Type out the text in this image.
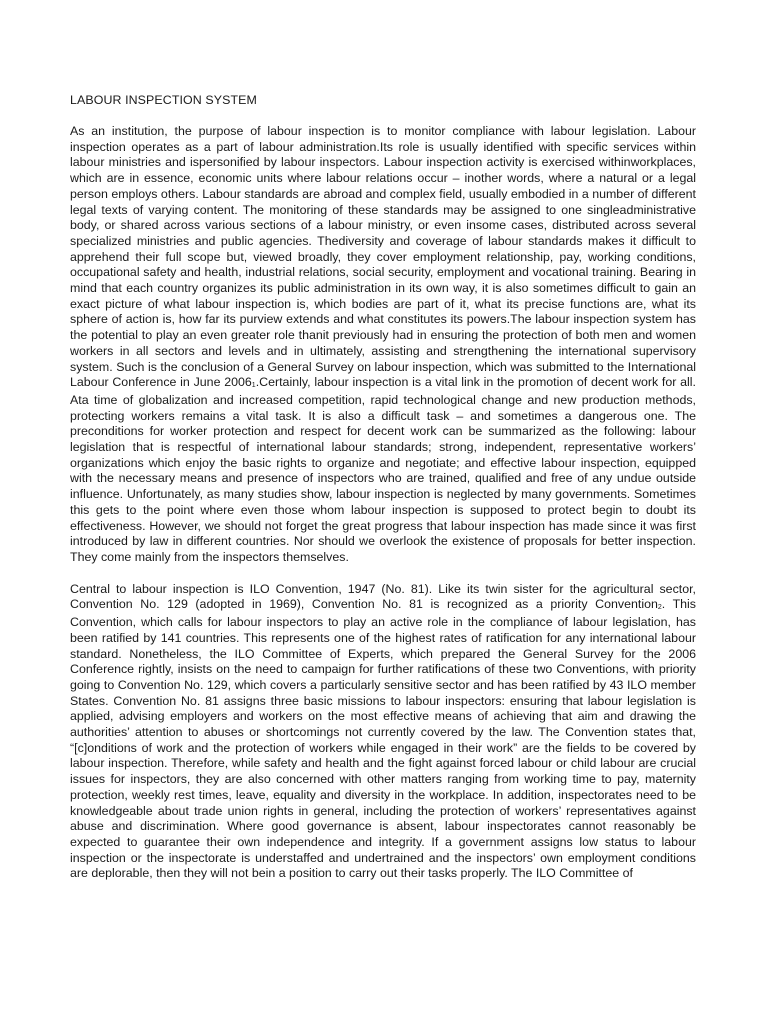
LABOUR INSPECTION SYSTEM

As an institution, the purpose of labour inspection is to monitor compliance with labour legislation. Labour inspection operates as a part of labour administration.Its role is usually identified with specific services within labour ministries and ispersonified by labour inspectors. Labour inspection activity is exercised withinworkplaces, which are in essence, economic units where labour relations occur – inother words, where a natural or a legal person employs others. Labour standards are abroad and complex field, usually embodied in a number of different legal texts of varying content. The monitoring of these standards may be assigned to one singleadministrative body, or shared across various sections of a labour ministry, or even insome cases, distributed across several specialized ministries and public agencies. Thediversity and coverage of labour standards makes it difficult to apprehend their full scope but, viewed broadly, they cover employment relationship, pay, working conditions, occupational safety and health, industrial relations, social security, employment and vocational training. Bearing in mind that each country organizes its public administration in its own way, it is also sometimes difficult to gain an exact picture of what labour inspection is, which bodies are part of it, what its precise functions are, what its sphere of action is, how far its purview extends and what constitutes its powers.The labour inspection system has the potential to play an even greater role thanit previously had in ensuring the protection of both men and women workers in all sectors and levels and in ultimately, assisting and strengthening the international supervisory system. Such is the conclusion of a General Survey on labour inspection, which was submitted to the International Labour Conference in June $2006_1.Certainly$, labour inspection is a vital link in the promotion of decent work for all. Ata time of globalization and increased competition, rapid technological change and new production methods, protecting workers remains a vital task. It is also a difficult task – and sometimes a dangerous one. The preconditions for worker protection and respect for decent work can be summarized as the following: labour legislation that is respectful of international labour standards; strong, independent, representative workers’ organizations which enjoy the basic rights to organize and negotiate; and effective labour inspection, equipped with the necessary means and presence of inspectors who are trained, qualified and free of any undue outside influence. Unfortunately, as many studies show, labour inspection is neglected by many governments. Sometimes this gets to the point where even those whom labour inspection is supposed to protect begin to doubt its effectiveness. However, we should not forget the great progress that labour inspection has made since it was first introduced by law in different countries. Nor should we overlook the existence of proposals for better inspection. They come mainly from the inspectors themselves.

Central to labour inspection is ILO Convention, 1947 (No. 81). Like its twin sister for the agricultural sector, Convention No. 129 (adopted in 1969), Convention No. 81 is recognized as a priority Convention$_2$. This Convention, which calls for labour inspectors to play an active role in the compliance of labour legislation, has been ratified by 141 countries. This represents one of the highest rates of ratification for any international labour standard. Nonetheless, the ILO Committee of Experts, which prepared the General Survey for the 2006 Conference rightly, insists on the need to campaign for further ratifications of these two Conventions, with priority going to Convention No. 129, which covers a particularly sensitive sector and has been ratified by 43 ILO member States. Convention No. 81 assigns three basic missions to labour inspectors: ensuring that labour legislation is applied, advising employers and workers on the most effective means of achieving that aim and drawing the authorities’ attention to abuses or shortcomings not currently covered by the law. The Convention states that, “[c]onditions of work and the protection of workers while engaged in their work” are the fields to be covered by labour inspection. Therefore, while safety and health and the fight against forced labour or child labour are crucial issues for inspectors, they are also concerned with other matters ranging from working time to pay, maternity protection, weekly rest times, leave, equality and diversity in the workplace. In addition, inspectorates need to be knowledgeable about trade union rights in general, including the protection of workers’ representatives against abuse and discrimination. Where good governance is absent, labour inspectorates cannot reasonably be expected to guarantee their own independence and integrity. If a government assigns low status to labour inspection or the inspectorate is understaffed and undertrained and the inspectors’ own employment conditions are deplorable, then they will not bein a position to carry out their tasks properly. The ILO Committee of
